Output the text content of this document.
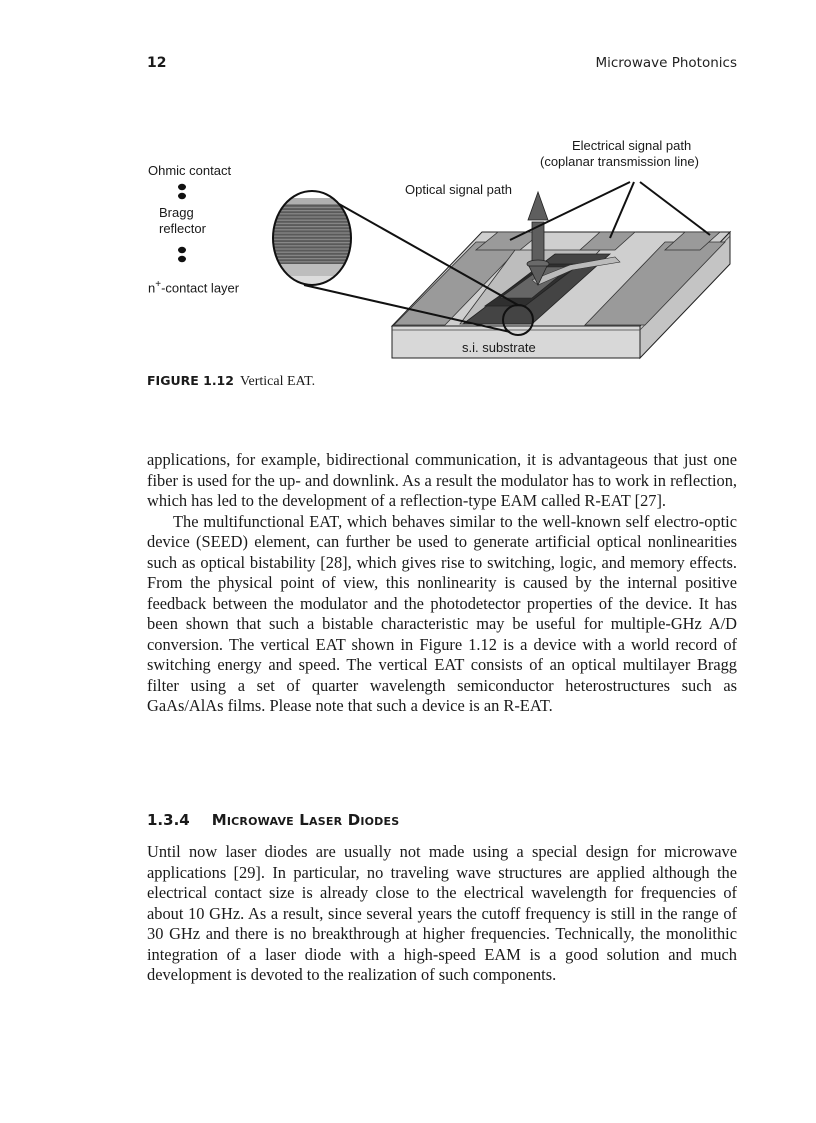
12	Microwave Photonics
Ohmic contact
Bragg
reflector
n+-contact layer
Optical signal path
Electrical signal path
(coplanar transmission line)
s.i. substrate
FIGURE 1.12 Vertical EAT.

applications, for example, bidirectional communication, it is advantageous that just one fiber is used for the up- and downlink. As a result the modulator has to work in reflection, which has led to the development of a reflection-type EAM called R-EAT [27].

The multifunctional EAT, which behaves similar to the well-known self electro-optic device (SEED) element, can further be used to generate artificial optical nonlinearities such as optical bistability [28], which gives rise to switching, logic, and memory effects. From the physical point of view, this nonlinearity is caused by the internal positive feedback between the modulator and the photodetector properties of the device. It has been shown that such a bistable characteristic may be useful for multiple-GHz A/D conversion. The vertical EAT shown in Figure 1.12 is a device with a world record of switching energy and speed. The vertical EAT consists of an optical multilayer Bragg filter using a set of quarter wavelength semiconductor heterostructures such as GaAs/AlAs films. Please note that such a device is an R-EAT.

1.3.4 Microwave Laser Diodes

Until now laser diodes are usually not made using a special design for microwave applications [29]. In particular, no traveling wave structures are applied although the electrical contact size is already close to the electrical wavelength for frequencies of about 10 GHz. As a result, since several years the cutoff frequency is still in the range of 30 GHz and there is no breakthrough at higher frequencies. Technically, the monolithic integration of a laser diode with a high-speed EAM is a good solution and much development is devoted to the realization of such components.
